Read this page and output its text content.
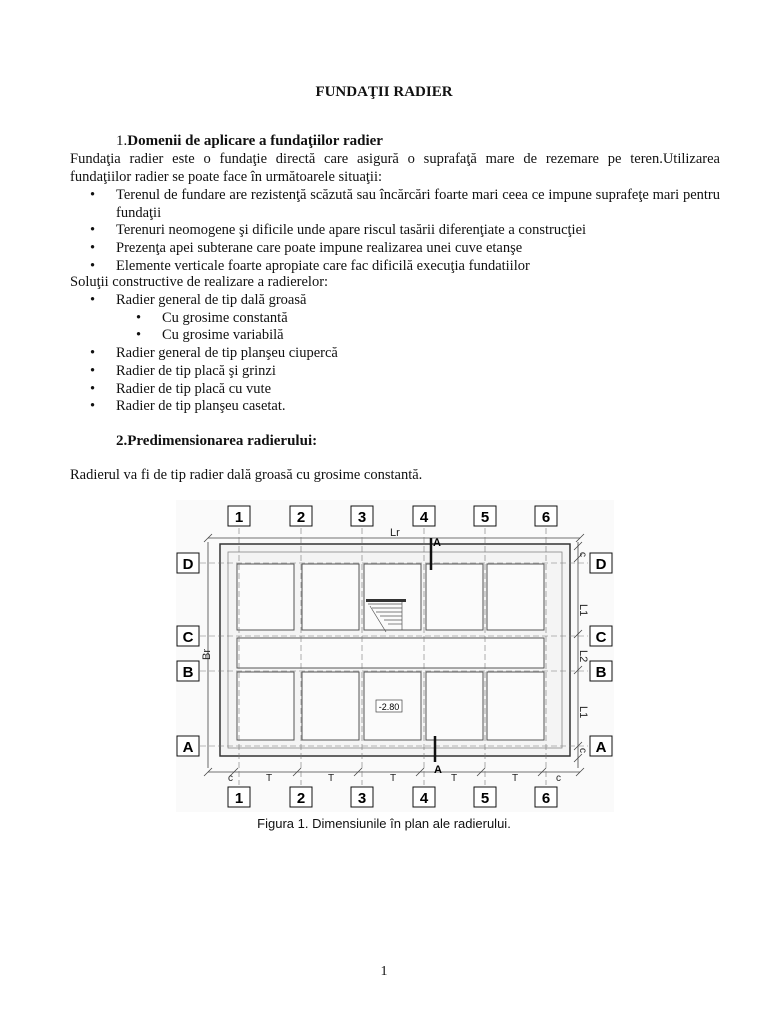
FUNDAŢII RADIER
1.Domenii de aplicare a fundaţiilor radier
Fundaţia radier este o fundaţie directă care asigură o suprafaţă mare de rezemare pe teren.Utilizarea
fundaţiilor radier se poate face în următoarele situaţii:
• Terenul de fundare are rezistenţă scăzută sau încărcări foarte mari ceea ce impune suprafeţe mari pentru fundaţii
• Terenuri neomogene şi dificile unde apare riscul tasării diferenţiate a construcţiei
• Prezenţa apei subterane care poate impune realizarea unei cuve etanşe
• Elemente verticale foarte apropiate care fac dificilă execuţia fundatiilor
Soluţii constructive de realizare a radierelor:
• Radier general de tip dală groasă
• Cu grosime constantă
• Cu grosime variabilă
• Radier general de tip planşeu ciupercă
• Radier de tip placă şi grinzi
• Radier de tip placă cu vute
• Radier de tip planşeu casetat.
2.Predimensionarea radierului:
Radierul va fi de tip radier dală groasă cu grosime constantă.
1	2	3	4	5	6
1	2	3	4	5	6
D
C
B
A
D
C
B
A
Lr
Br
L1
L2
L1
c
c
c	c
T	T	T	T	T
A
A
-2.80
Figura 1. Dimensiunile în plan ale radierului.
1
